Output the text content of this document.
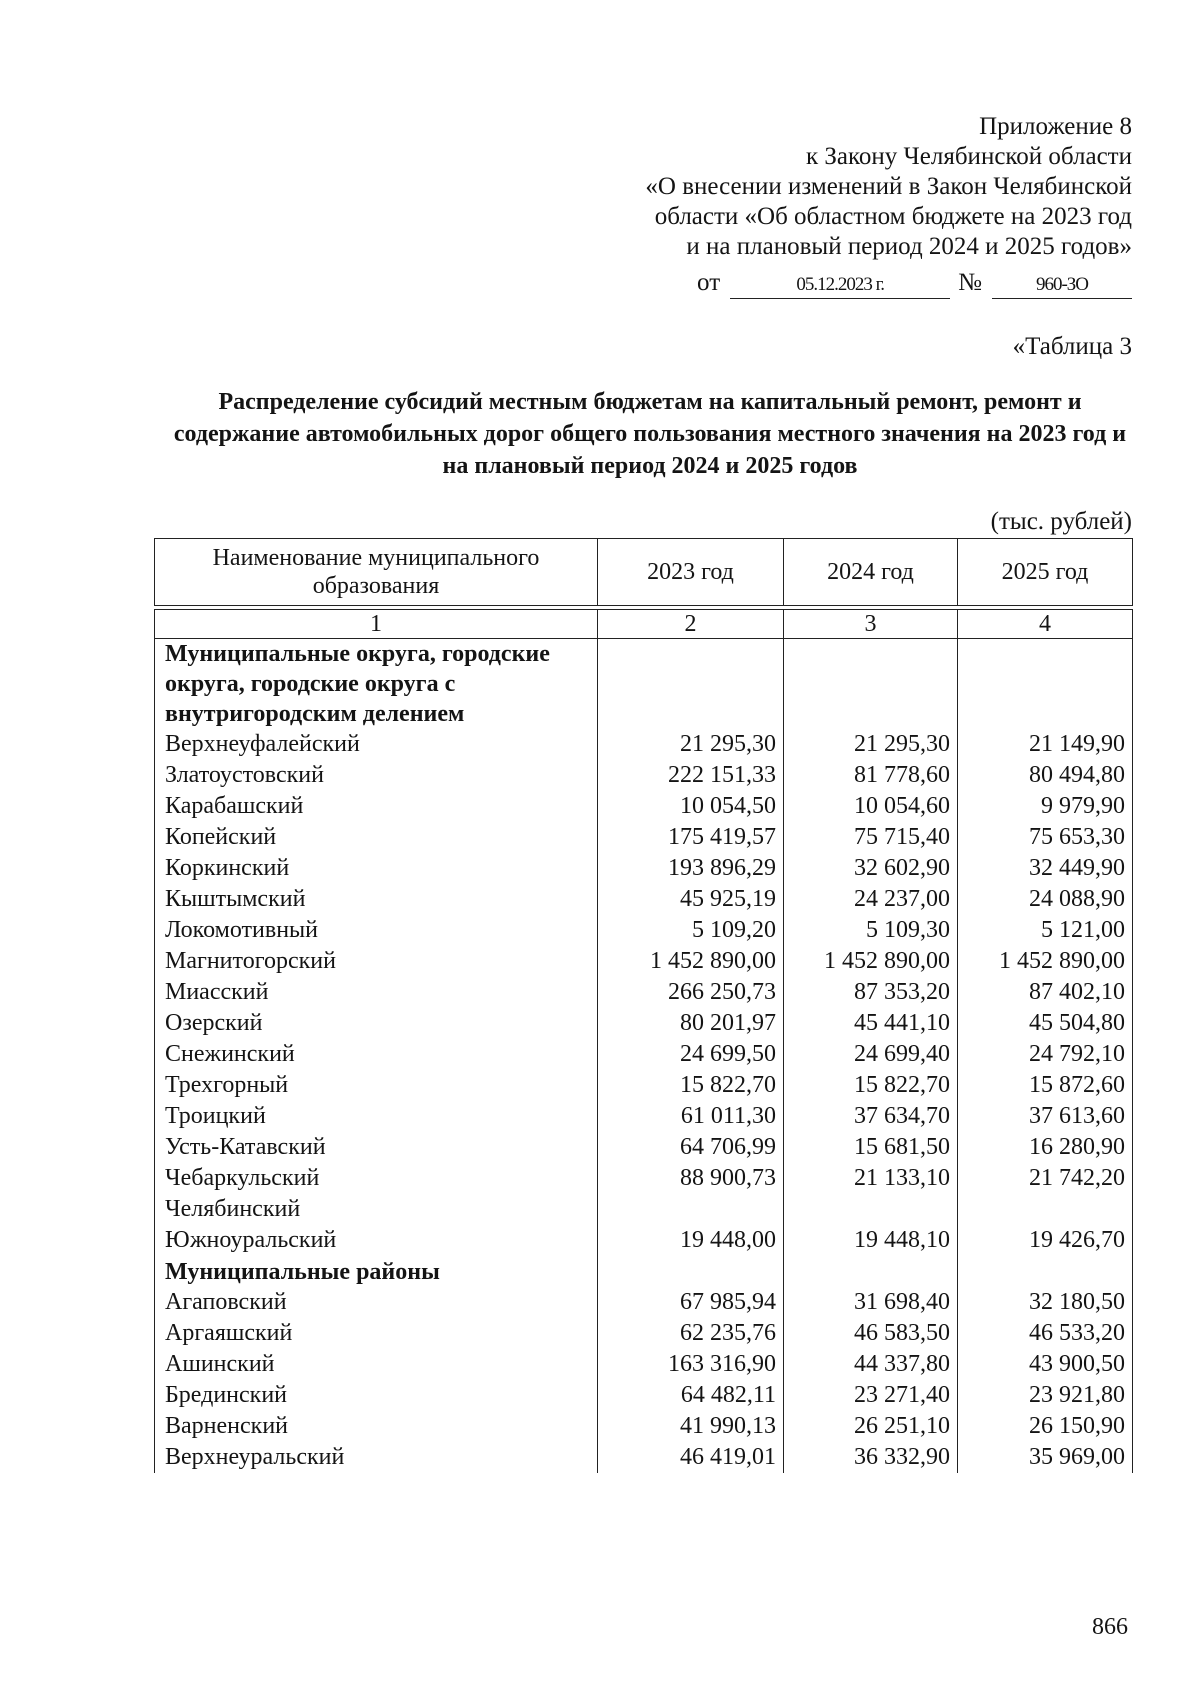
Приложение 8
к Закону Челябинской области
«О внесении изменений в Закон Челябинской
области «Об областном бюджете на 2023 год
и на плановый период 2024 и 2025 годов»
от	05.12.2023 г.	№	960-ЗО
«Таблица 3
Распределение субсидий местным бюджетам на капитальный ремонт, ремонт и содержание автомобильных дорог общего пользования местного значения на 2023 год и на плановый период 2024 и 2025 годов
(тыс. рублей)
Наименование муниципального образования	2023 год	2024 год	2025 год

1	2	3	4
Муниципальные округа, городские округа, городские округа с внутригородским делением			
Верхнеуфалейский	21 295,30	21 295,30	21 149,90
Златоустовский	222 151,33	81 778,60	80 494,80
Карабашский	10 054,50	10 054,60	9 979,90
Копейский	175 419,57	75 715,40	75 653,30
Коркинский	193 896,29	32 602,90	32 449,90
Кыштымский	45 925,19	24 237,00	24 088,90
Локомотивный	5 109,20	5 109,30	5 121,00
Магнитогорский	1 452 890,00	1 452 890,00	1 452 890,00
Миасский	266 250,73	87 353,20	87 402,10
Озерский	80 201,97	45 441,10	45 504,80
Снежинский	24 699,50	24 699,40	24 792,10
Трехгорный	15 822,70	15 822,70	15 872,60
Троицкий	61 011,30	37 634,70	37 613,60
Усть-Катавский	64 706,99	15 681,50	16 280,90
Чебаркульский	88 900,73	21 133,10	21 742,20
Челябинский			
Южноуральский	19 448,00	19 448,10	19 426,70
Муниципальные районы			
Агаповский	67 985,94	31 698,40	32 180,50
Аргаяшский	62 235,76	46 583,50	46 533,20
Ашинский	163 316,90	44 337,80	43 900,50
Брединский	64 482,11	23 271,40	23 921,80
Варненский	41 990,13	26 251,10	26 150,90
Верхнеуральский	46 419,01	36 332,90	35 969,00
866
